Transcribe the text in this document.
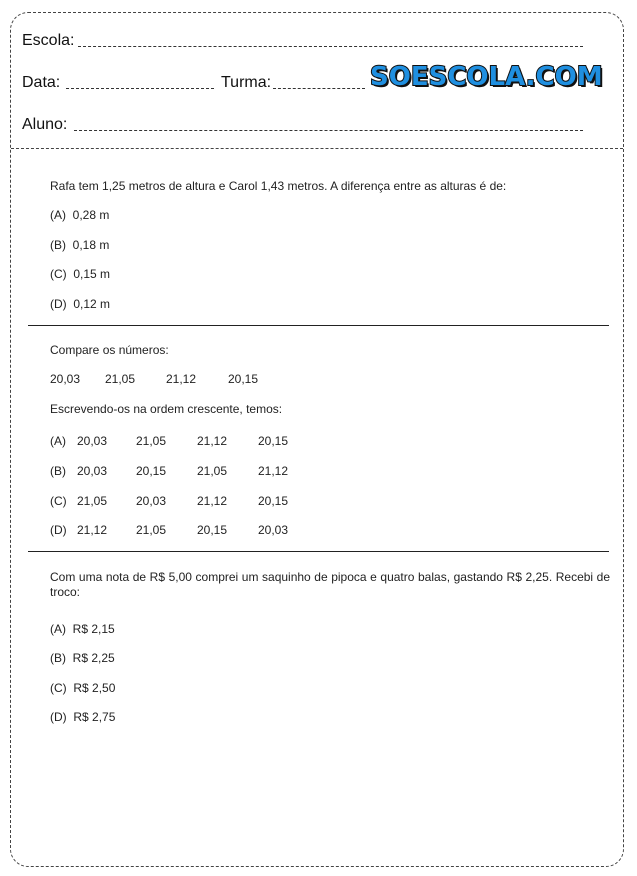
Escola:
Data:	Turma:	SOESCOLA.COM
Aluno:
Rafa tem 1,25 metros de altura e Carol 1,43 metros. A diferença entre as alturas é de:
(A) 0,28 m
(B) 0,18 m
(C) 0,15 m
(D) 0,12 m
Compare os números:
20,03 21,05	21,12	20,15
Escrevendo-os na ordem crescente, temos:
(A) 20,03 21,05	21,12	20,15
(B) 20,03 20,15	21,05	21,12
(C) 21,05 20,03	21,12	20,15
(D) 21,12 21,05	20,15	20,03
Com uma nota de R$ 5,00 comprei um saquinho de pipoca e quatro balas, gastando R$ 2,25. Recebi de troco:
(A) R$ 2,15
(B) R$ 2,25
(C) R$ 2,50
(D) R$ 2,75
